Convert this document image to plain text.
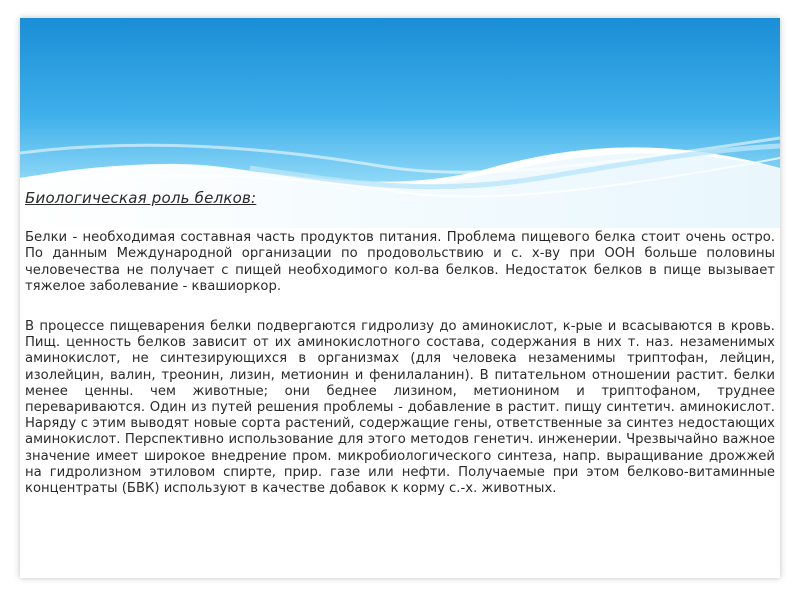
Биологическая роль белков:
Белки - необходимая составная часть продуктов питания. Проблема пищевого белка стоит очень остро. По данным Международной организации по продовольствию и с. х-ву при ООН больше половины человечества не получает с пищей необходимого кол-ва белков. Недостаток белков в пище вызывает тяжелое заболевание - квашиоркор.
В процессе пищеварения белки подвергаются гидролизу до аминокислот, к-рые и всасываются в кровь. Пищ. ценность белков зависит от их аминокислотного состава, содержания в них т. наз. незаменимых аминокислот, не синтезирующихся в организмах (для человека незаменимы триптофан, лейцин, изолейцин, валин, треонин, лизин, метионин и фенилаланин). В питательном отношении растит. белки менее ценны. чем животные; они беднее лизином, метионином и триптофаном, труднее перевариваются. Один из путей решения проблемы - добавление в растит. пищу синтетич. аминокислот. Наряду с этим выводят новые сорта растений, содержащие гены, ответственные за синтез недостающих аминокислот. Перспективно использование для этого методов генетич. инженерии. Чрезвычайно важное значение имеет широкое внедрение пром. микробиологического синтеза, напр. выращивание дрожжей на гидролизном этиловом спирте, прир. газе или нефти. Получаемые при этом белково-витаминные концентраты (БВК) используют в качестве добавок к корму с.-х. животных.
